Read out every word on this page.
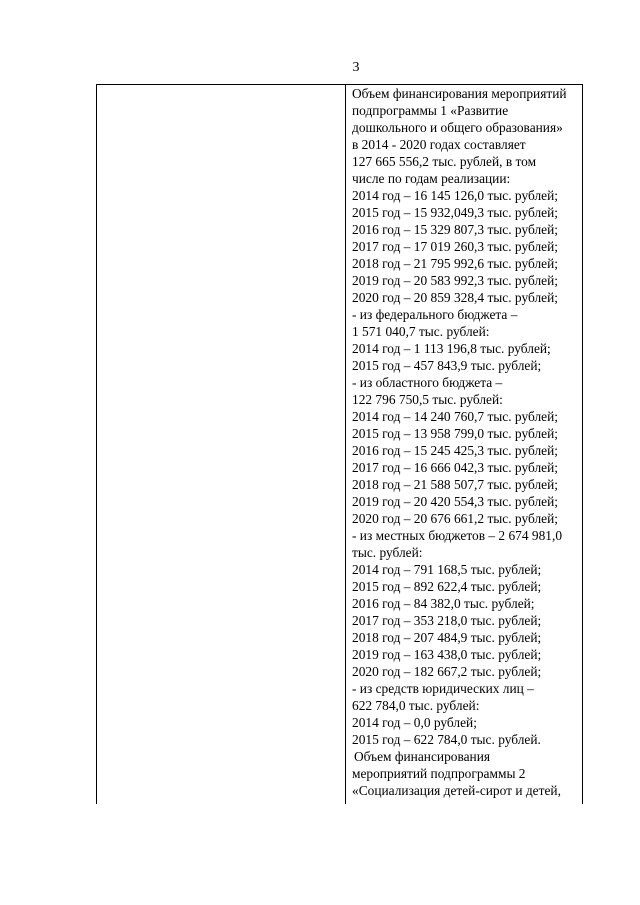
3
Объем финансирования мероприятий
подпрограммы 1 «Развитие
дошкольного и общего образования»
в 2014 - 2020 годах составляет
127 665 556,2 тыс. рублей, в том
числе по годам реализации:
2014 год – 16 145 126,0 тыс. рублей;
2015 год – 15 932,049,3 тыс. рублей;
2016 год – 15 329 807,3 тыс. рублей;
2017 год – 17 019 260,3 тыс. рублей;
2018 год – 21 795 992,6 тыс. рублей;
2019 год – 20 583 992,3 тыс. рублей;
2020 год – 20 859 328,4 тыс. рублей;
- из федерального бюджета –
1 571 040,7 тыс. рублей:
2014 год – 1 113 196,8 тыс. рублей;
2015 год – 457 843,9 тыс. рублей;
- из областного бюджета –
122 796 750,5 тыс. рублей:
2014 год – 14 240 760,7 тыс. рублей;
2015 год – 13 958 799,0 тыс. рублей;
2016 год – 15 245 425,3 тыс. рублей;
2017 год – 16 666 042,3 тыс. рублей;
2018 год – 21 588 507,7 тыс. рублей;
2019 год – 20 420 554,3 тыс. рублей;
2020 год – 20 676 661,2 тыс. рублей;
- из местных бюджетов – 2 674 981,0
тыс. рублей:
2014 год – 791 168,5 тыс. рублей;
2015 год – 892 622,4 тыс. рублей;
2016 год – 84 382,0 тыс. рублей;
2017 год – 353 218,0 тыс. рублей;
2018 год – 207 484,9 тыс. рублей;
2019 год – 163 438,0 тыс. рублей;
2020 год – 182 667,2 тыс. рублей;
- из средств юридических лиц –
622 784,0 тыс. рублей:
2014 год – 0,0 рублей;
2015 год – 622 784,0 тыс. рублей.
Объем финансирования
мероприятий подпрограммы 2
«Социализация детей-сирот и детей,
